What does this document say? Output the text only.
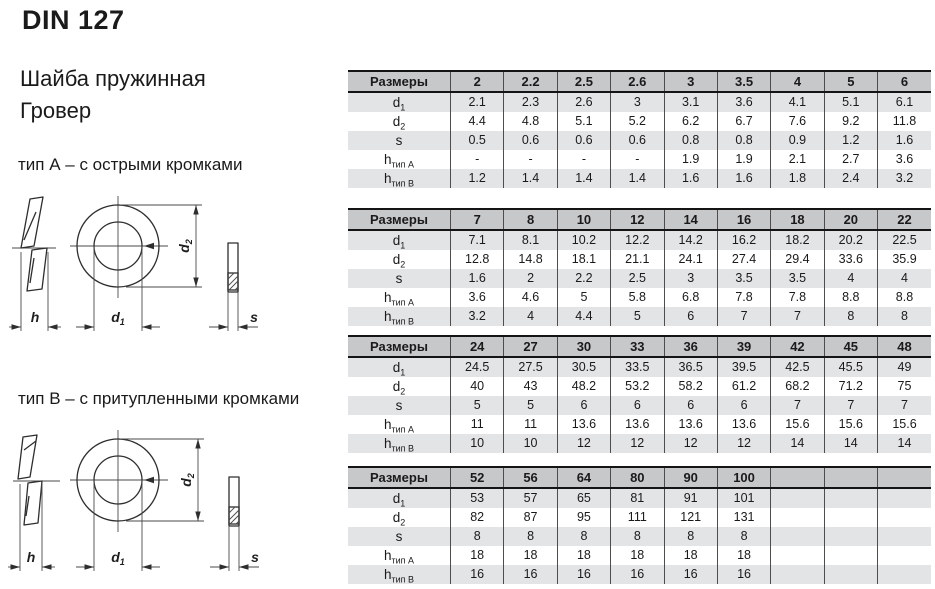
DIN 127
Шайба пружинная
Гровер
тип А – с острыми кромками
h	$d_1$
$d_2$
s
тип В – с притупленными кромками
h	$d_1$
$d_2$
s
Размеры	2	2.2	2.5	2.6	3	3.5	4	5	6
$d_1$	2.1	2.3	2.6	3	3.1	3.6	4.1	5.1	6.1
$d_2$	4.4	4.8	5.1	5.2	6.2	6.7	7.6	9.2	11.8
s	0.5	0.6	0.6	0.6	0.8	0.8	0.9	1.2	1.6
$h_{тип А}$	-	-	-	-	1.9	1.9	2.1	2.7	3.6
$h_{тип В}$	1.2	1.4	1.4	1.4	1.6	1.6	1.8	2.4	3.2
Размеры	7	8	10	12	14	16	18	20	22
$d_1$	7.1	8.1	10.2	12.2	14.2	16.2	18.2	20.2	22.5
$d_2$	12.8	14.8	18.1	21.1	24.1	27.4	29.4	33.6	35.9
s	1.6	2	2.2	2.5	3	3.5	3.5	4	4
$h_{тип А}$	3.6	4.6	5	5.8	6.8	7.8	7.8	8.8	8.8
$h_{тип В}$	3.2	4	4.4	5	6	7	7	8	8
Размеры	24	27	30	33	36	39	42	45	48
$d_1$	24.5	27.5	30.5	33.5	36.5	39.5	42.5	45.5	49
$d_2$	40	43	48.2	53.2	58.2	61.2	68.2	71.2	75
s	5	5	6	6	6	6	7	7	7
$h_{тип А}$	11	11	13.6	13.6	13.6	13.6	15.6	15.6	15.6
$h_{тип В}$	10	10	12	12	12	12	14	14	14
Размеры	52	56	64	80	90	100			
$d_1$	53	57	65	81	91	101			
$d_2$	82	87	95	111	121	131			
s	8	8	8	8	8	8			
$h_{тип А}$	18	18	18	18	18	18			
$h_{тип В}$	16	16	16	16	16	16			
